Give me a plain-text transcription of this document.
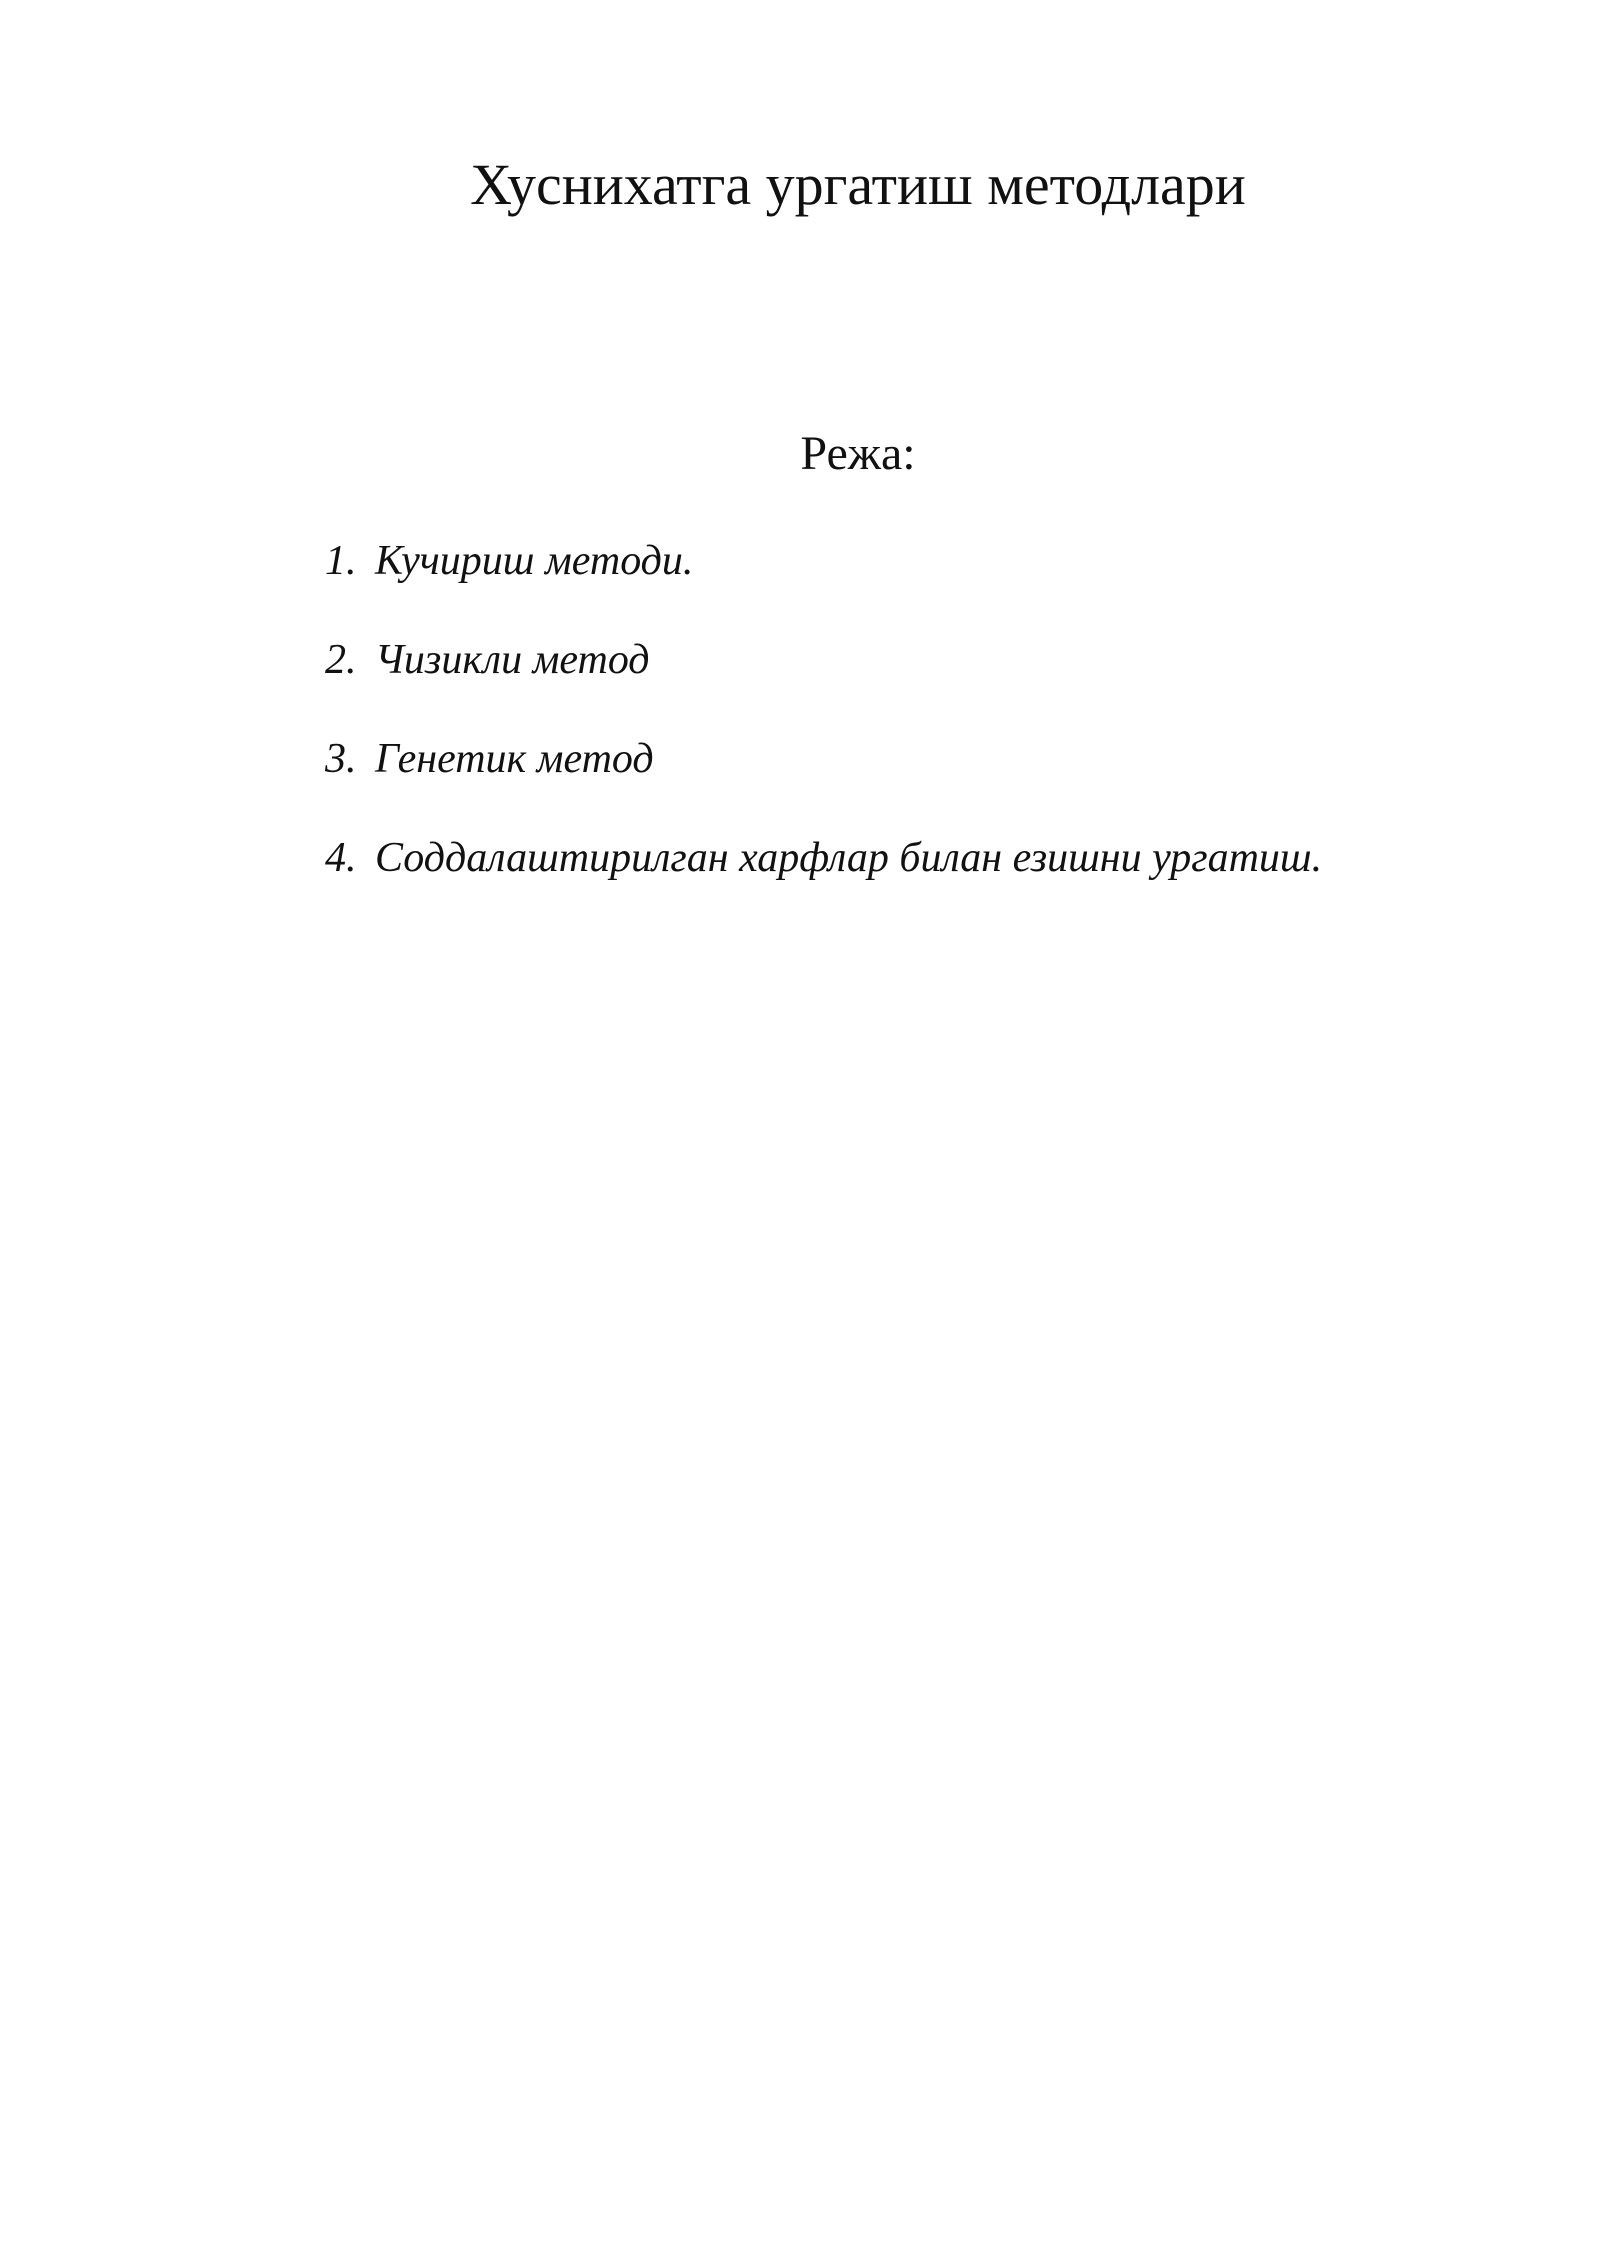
Хуснихатга ургатиш методлари
Режа:
1. Кучириш методи.
2. Чизикли метод
3. Генетик метод
4. Соддалаштирилган харфлар билан езишни ургатиш.
